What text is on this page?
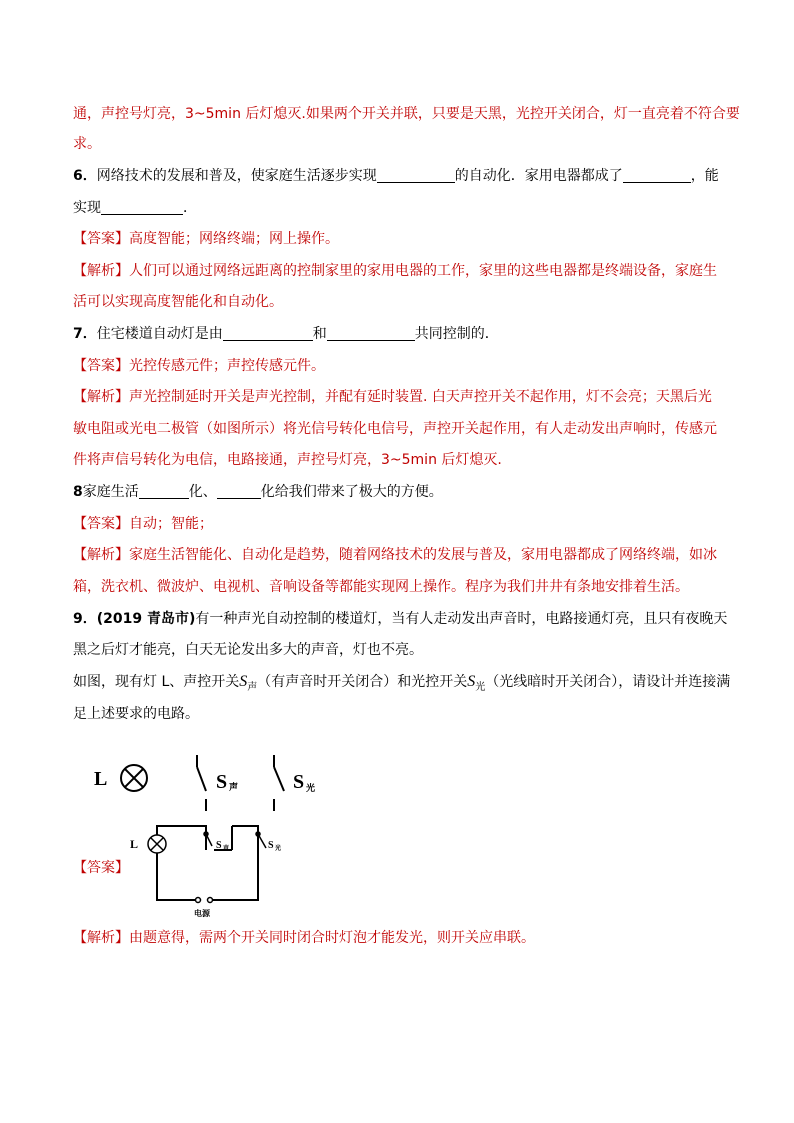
通，声控号灯亮，3~5min 后灯熄灭.如果两个开关并联，只要是天黑，光控开关闭合，灯一直亮着不符合要
求。
6．网络技术的发展和普及，使家庭生活逐步实现	的自动化．家用电器都成了	，能
实现	．
【答案】高度智能；网络终端；网上操作。
【解析】人们可以通过网络远距离的控制家里的家用电器的工作，家里的这些电器都是终端设备，家庭生
活可以实现高度智能化和自动化。
7．住宅楼道自动灯是由	和	共同控制的．
【答案】光控传感元件；声控传感元件。
【解析】声光控制延时开关是声光控制，并配有延时装置. 白天声控开关不起作用，灯不会亮；天黑后光
敏电阻或光电二极管（如图所示）将光信号转化电信号，声控开关起作用，有人走动发出声响时，传感元
件将声信号转化为电信，电路接通，声控号灯亮，3~5min 后灯熄灭.
8家庭生活	化、	化给我们带来了极大的方便。
【答案】自动；智能；
【解析】家庭生活智能化、自动化是趋势，随着网络技术的发展与普及，家用电器都成了网络终端，如冰
箱，洗衣机、微波炉、电视机、音响设备等都能实现网上操作。程序为我们井井有条地安排着生活。
9．(2019 青岛市)有一种声光自动控制的楼道灯，当有人走动发出声音时，电路接通灯亮，且只有夜晚天
黑之后灯才能亮，白天无论发出多大的声音，灯也不亮。
如图，现有灯 L、声控开关$S_声$（有声音时开关闭合）和光控开关$S_光$（光线暗时开关闭合），请设计并连接满
足上述要求的电路。
L	S 声	S 光
【答案】
L	S 声	S 光
电源
【解析】由题意得，需两个开关同时闭合时灯泡才能发光，则开关应串联。
